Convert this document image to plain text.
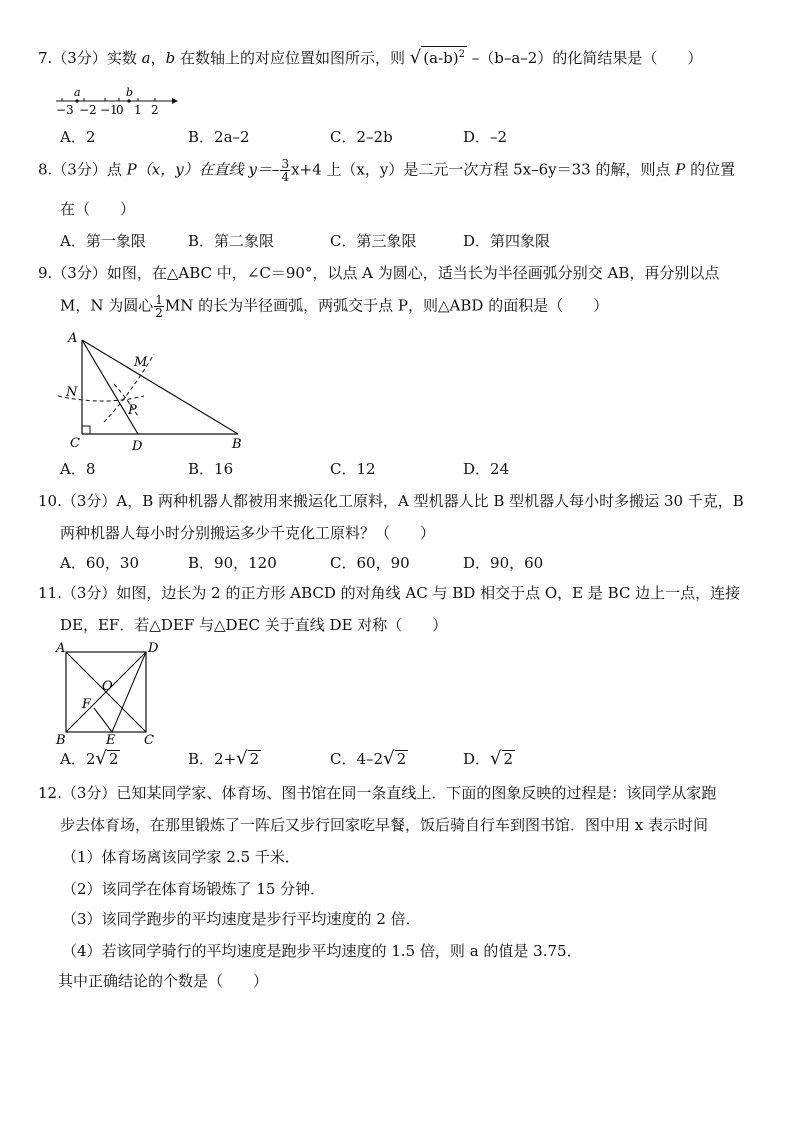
7.（3分）实数 a，b 在数轴上的对应位置如图所示，则 √ $(a-b)^2$ –（b–a–2）的化简结果是（　　）
a	b
−3 −2 −1
0 1 2
A．2	B．2a–2	C．2–2b	D．–2
8.（3分）点 P（x，y）在直线 $y=- \frac{3}{4} x+4$ 上（x，y）是二元一次方程 5x–6y＝33 的解，则点 P 的位置
在（　　）
A．第一象限	B．第二象限	C．第三象限	D．第四象限
9.（3分）如图，在△ABC 中，∠C＝90°，以点 A 为圆心，适当长为半径画弧分别交 AB，再分别以点
M，N 为圆心 $\frac{1}{2}$ MN 的长为半径画弧，两弧交于点 P，则△ABD 的面积是（　　）
A
C	D	B
M
N
P
A．8	B．16	C．12	D．24
10.（3分）A，B 两种机器人都被用来搬运化工原料，A 型机器人比 B 型机器人每小时多搬运 30 千克，B
两种机器人每小时分别搬运多少千克化工原料？（　　）
A．60，30	B．90，120	C．60，90	D．90，60
11.（3分）如图，边长为 2 的正方形 ABCD 的对角线 AC 与 BD 相交于点 O，E 是 BC 边上一点，连接
DE，EF．若△DEF 与△DEC 关于直线 DE 对称（　　）
A	D
B	C
O
E
F
A．2√ 2	B．2+√ 2	C．4–2√ 2	D．√ 2
12.（3分）已知某同学家、体育场、图书馆在同一条直线上．下面的图象反映的过程是：该同学从家跑
步去体育场，在那里锻炼了一阵后又步行回家吃早餐，饭后骑自行车到图书馆．图中用 x 表示时间
（1）体育场离该同学家 2.5 千米．
（2）该同学在体育场锻炼了 15 分钟．
（3）该同学跑步的平均速度是步行平均速度的 2 倍．
（4）若该同学骑行的平均速度是跑步平均速度的 1.5 倍，则 a 的值是 3.75．
其中正确结论的个数是（　　）
